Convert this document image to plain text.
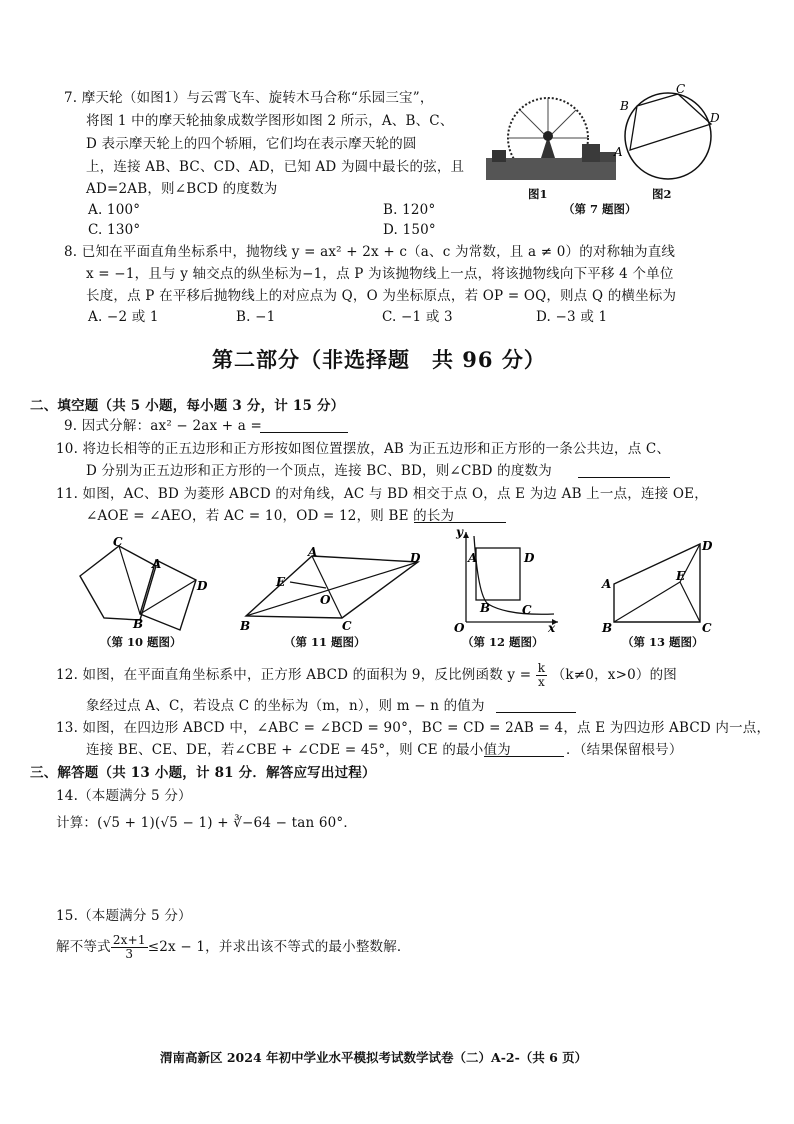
7. 摩天轮（如图1）与云霄飞车、旋转木马合称“乐园三宝”，
将图 1 中的摩天轮抽象成数学图形如图 2 所示，A、B、C、
D 表示摩天轮上的四个轿厢，它们均在表示摩天轮的圆
上，连接 AB、BC、CD、AD，已知 AD 为圆中最长的弦，且
AD=2AB，则∠BCD 的度数为
A. 100°	B. 120°
C. 130°	D. 150°
图1	图2
（第 7 题图）
B
C
D
A
8. 已知在平面直角坐标系中，抛物线 y = ax² + 2x + c（a、c 为常数，且 a ≠ 0）的对称轴为直线
x = −1，且与 y 轴交点的纵坐标为−1，点 P 为该抛物线上一点，将该抛物线向下平移 4 个单位
长度，点 P 在平移后抛物线上的对应点为 Q，O 为坐标原点，若 OP = OQ，则点 Q 的横坐标为
A. −2 或 1	B. −1	C. −1 或 3	D. −3 或 1
第二部分（非选择题　共 96 分）
二、填空题（共 5 小题，每小题 3 分，计 15 分）
9. 因式分解：ax² − 2ax + a =
10. 将边长相等的正五边形和正方形按如图位置摆放，AB 为正五边形和正方形的一条公共边，点 C、
D 分别为正五边形和正方形的一个顶点，连接 BC、BD，则∠CBD 的度数为
11. 如图，AC、BD 为菱形 ABCD 的对角线，AC 与 BD 相交于点 O，点 E 为边 AB 上一点，连接 OE，
∠AOE = ∠AEO，若 AC = 10，OD = 12，则 BE 的长为
C
A
D
B
（第 10 题图）
A	D
E
O
B	C
（第 11 题图）
y
A	D
B	C
O	x
（第 12 题图）
A
D
E
B	C
（第 13 题图）
12. 如图，在平面直角坐标系中，正方形 ABCD 的面积为 9，反比例函数 $y = \frac{k}{x} (k\ne 0$，x>0）的图
象经过点 A、C，若设点 C 的坐标为（m，n），则 m − n 的值为
13. 如图，在四边形 ABCD 中，∠ABC = ∠BCD = 90°，BC = CD = 2AB = 4，点 E 为四边形 ABCD 内一点，
连接 BE、CE、DE，若∠CBE + ∠CDE = 45°，则 CE 的最小值为	．（结果保留根号）
三、解答题（共 13 小题，计 81 分．解答应写出过程）
14.（本题满分 5 分）
计算：(√5 + 1)(√5 − 1) + ∛−64 − tan 60°．
15.（本题满分 5 分）
解不等式 $\frac{2x+1}{3} \le 2x - 1$，并求出该不等式的最小整数解．
渭南高新区 2024 年初中学业水平模拟考试数学试卷（二）A-2-（共 6 页）
